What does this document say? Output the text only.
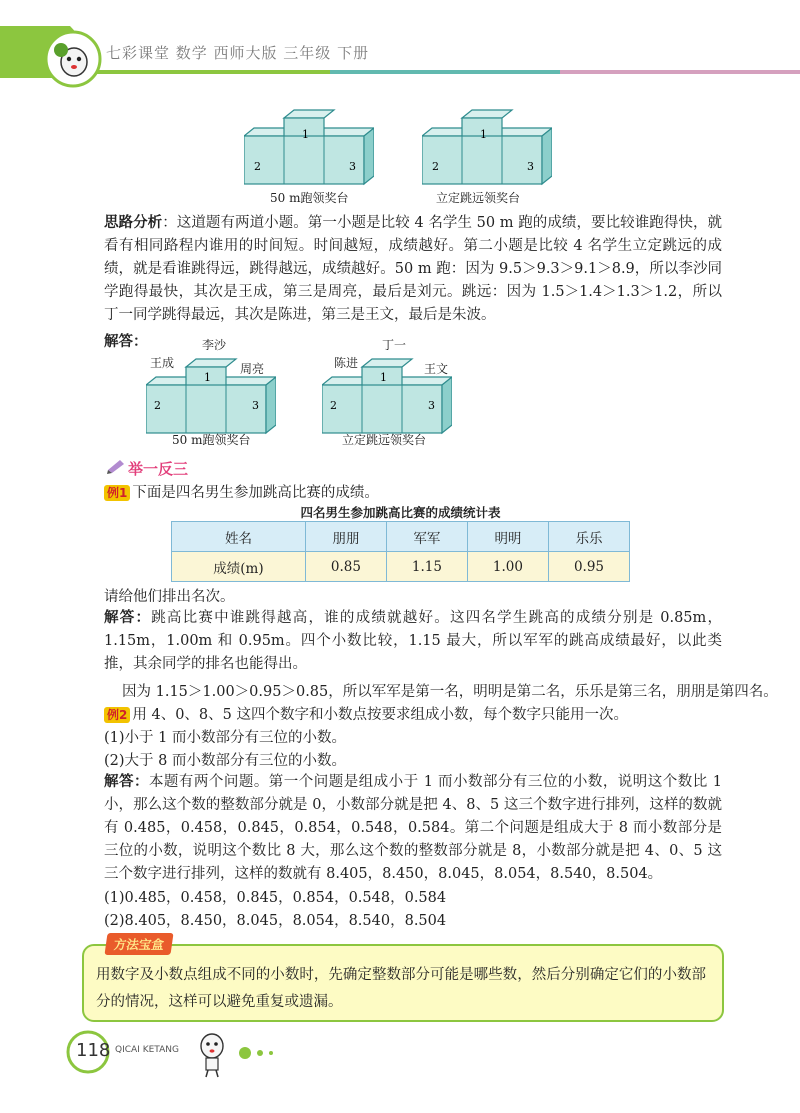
七彩课堂 数学 西师大版 三年级 下册
1
2	3
50 m跑领奖台
1
2	3
立定跳远领奖台
思路分析：这道题有两道小题。第一小题是比较 4 名学生 50 m 跑的成绩，要比较谁跑得快，就看有相同路程内谁用的时间短。时间越短，成绩越好。第二小题是比较 4 名学生立定跳远的成绩，就是看谁跳得远，跳得越远，成绩越好。50 m 跑：因为 9.5＞9.3＞9.1＞8.9，所以李沙同学跑得最快，其次是王成，第三是周亮，最后是刘元。跳远：因为 1.5＞1.4＞1.3＞1.2，所以丁一同学跳得最远，其次是陈进，第三是王文，最后是朱波。
解答：	李沙
王成	周亮
1
2	3
50 m跑领奖台
丁一
陈进	王文
1
2	3
立定跳远领奖台
举一反三
例1 下面是四名男生参加跳高比赛的成绩。
四名男生参加跳高比赛的成绩统计表
姓名	朋朋	军军	明明	乐乐
成绩(m)	0.85	1.15	1.00	0.95
请给他们排出名次。
解答：跳高比赛中谁跳得越高，谁的成绩就越好。这四名学生跳高的成绩分别是 0.85m，1.15m，1.00m 和 0.95m。四个小数比较，1.15 最大，所以军军的跳高成绩最好，以此类推，其余同学的排名也能得出。
因为 1.15＞1.00＞0.95＞0.85，所以军军是第一名，明明是第二名，乐乐是第三名，朋朋是第四名。
例2 用 4、0、8、5 这四个数字和小数点按要求组成小数，每个数字只能用一次。
(1)小于 1 而小数部分有三位的小数。
(2)大于 8 而小数部分有三位的小数。
解答：本题有两个问题。第一个问题是组成小于 1 而小数部分有三位的小数，说明这个数比 1 小，那么这个数的整数部分就是 0，小数部分就是把 4、8、5 这三个数字进行排列，这样的数就有 0.485，0.458，0.845，0.854，0.548，0.584。第二个问题是组成大于 8 而小数部分是三位的小数，说明这个数比 8 大，那么这个数的整数部分就是 8，小数部分就是把 4、0、5 这三个数字进行排列，这样的数就有 8.405，8.450，8.045，8.054，8.540，8.504。
(1)0.485，0.458，0.845，0.854，0.548，0.584
(2)8.405，8.450，8.045，8.054，8.540，8.504
方法宝盒
用数字及小数点组成不同的小数时，先确定整数部分可能是哪些数，然后分别确定它们的小数部分的情况，这样可以避免重复或遗漏。
118 QICAI KETANG
